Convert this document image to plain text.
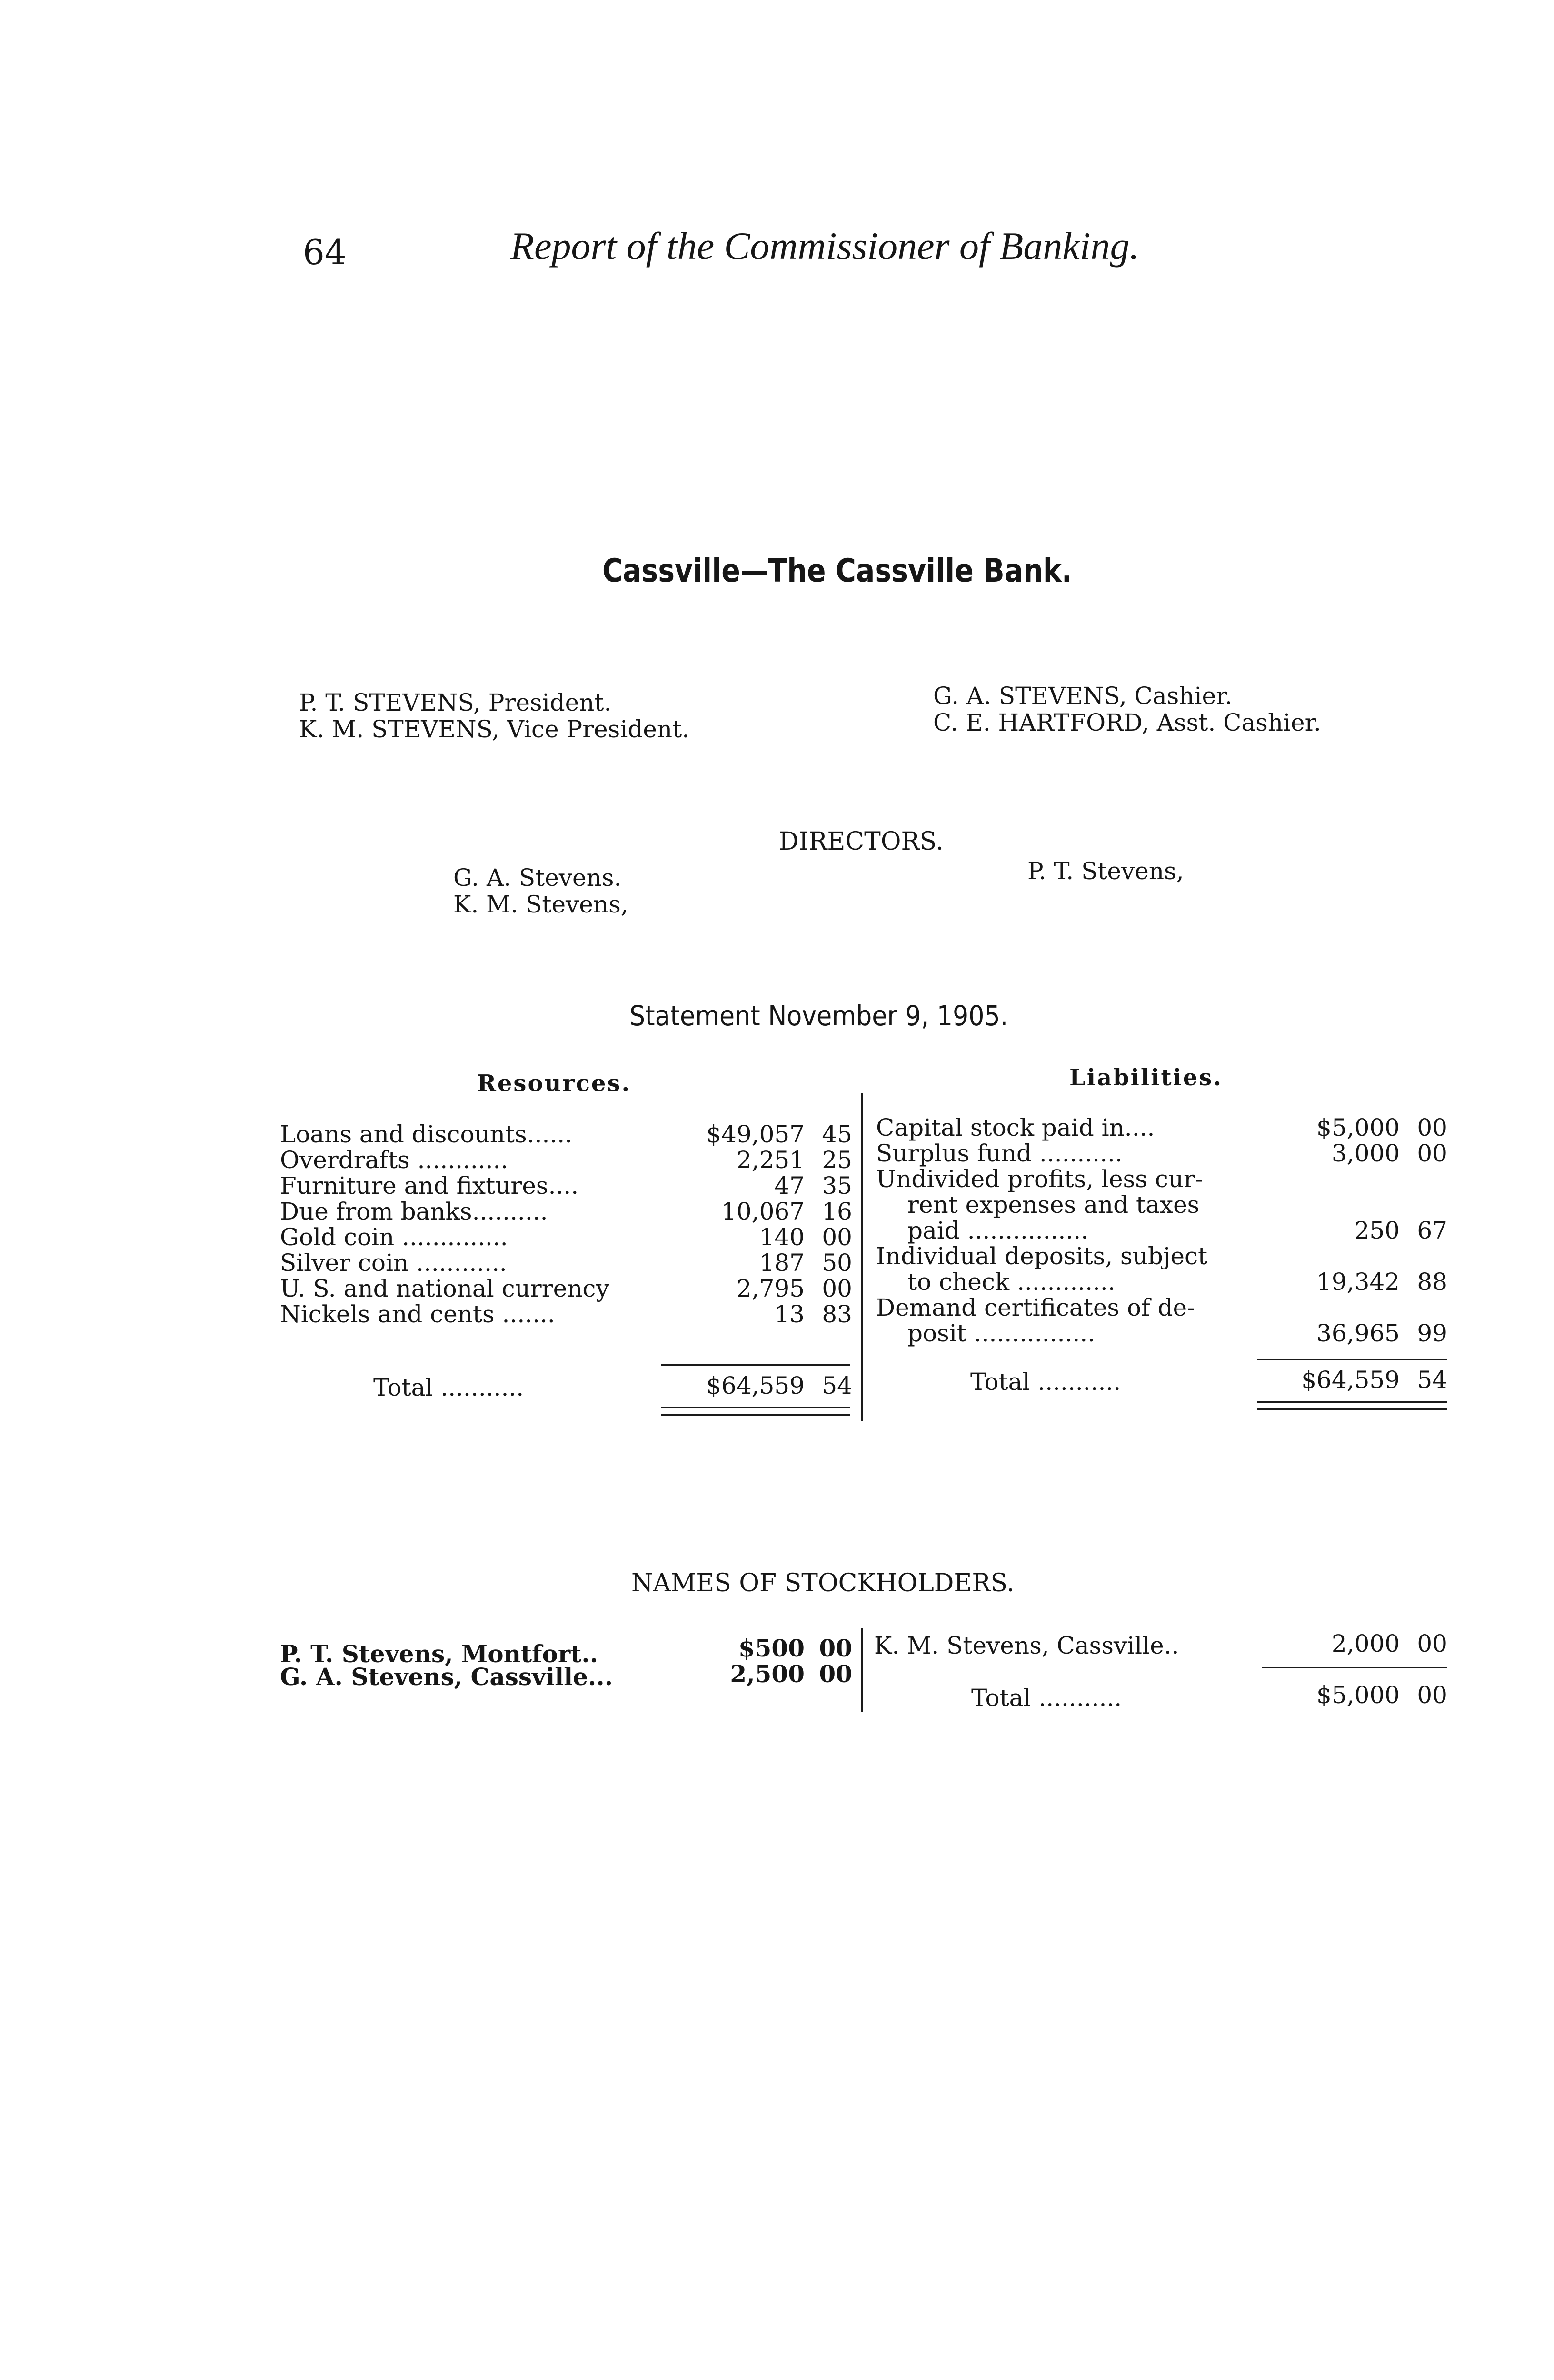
64	Report of the Commissioner of Banking.
Cassville—The Cassville Bank.
P. T. STEVENS, President.
K. M. STEVENS, Vice President.
G. A. STEVENS, Cashier.
C. E. HARTFORD, Asst. Cashier.
DIRECTORS.
G. A. Stevens.
K. M. Stevens,
P. T. Stevens,
Statement November 9, 1905.
Resources.	Liabilities.
Loans and discounts......	$49,057 45
Overdrafts ............	2,251 25
Furniture and fixtures....	47 35
Due from banks..........	10,067 16
Gold coin ..............	140 00
Silver coin ............	187 50
U. S. and national currency	2,795 00
Nickels and cents .......	13 83
Total ...........	$64,559 54
Capital stock paid in....	$5,000 00
Surplus fund ...........	3,000 00
Undivided profits, less cur-
rent expenses and taxes
paid ................	250 67
Individual deposits, subject
to check .............	19,342 88
Demand certificates of de-
posit ................	36,965 99
Total ...........	$64,559 54
NAMES OF STOCKHOLDERS.
P. T. Stevens, Montfort..	$500 00
G. A. Stevens, Cassville...	2,500 00
K. M. Stevens, Cassville..	2,000 00
Total ...........	$5,000 00
